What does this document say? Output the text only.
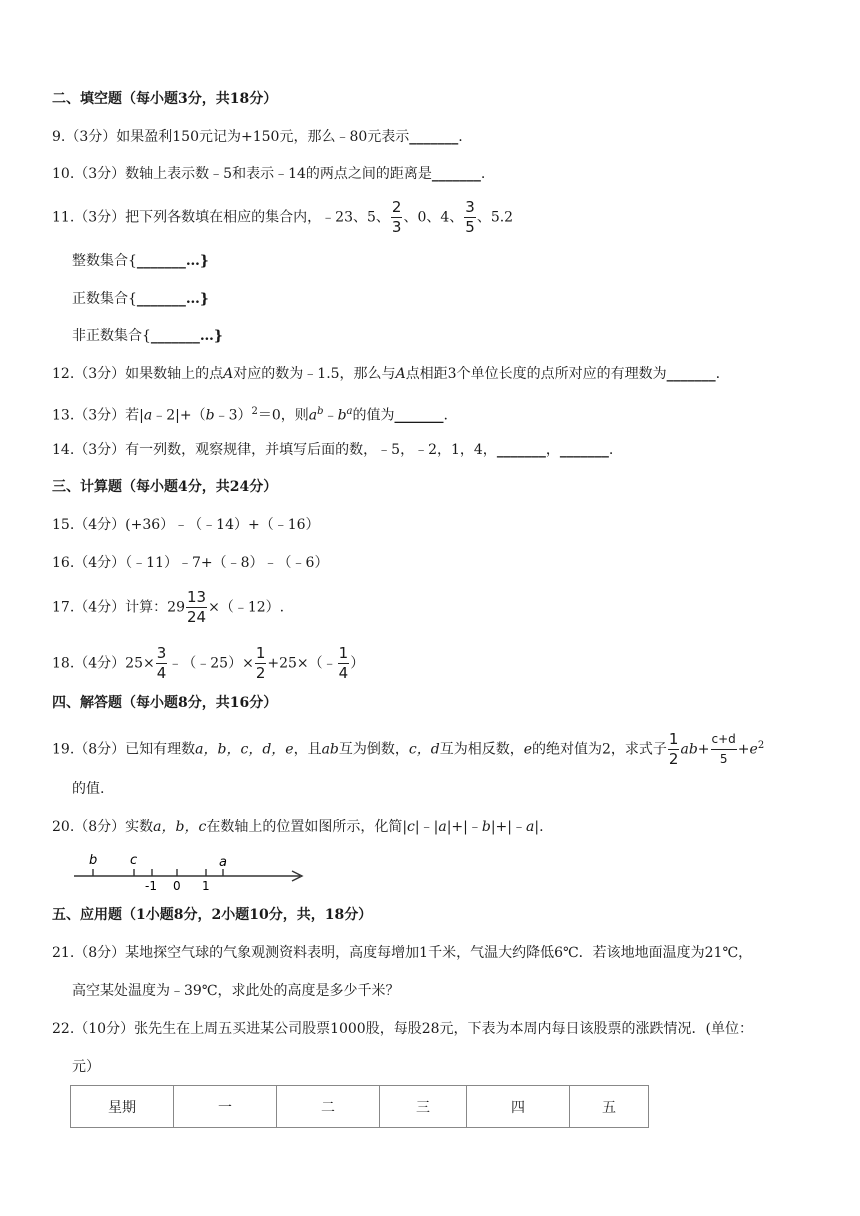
二、填空题（每小题3分，共18分）
9.（3分）如果盈利150元记为+150元，那么﹣80元表示_______.
10.（3分）数轴上表示数﹣5和表示﹣14的两点之间的距离是_______.
11.（3分）把下列各数填在相应的集合内，﹣23、5、 $\frac{2}{3}$ 、0、4、 $\frac{3}{5}$ 、5.2
整数集合{_______…}
正数集合{_______…}
非正数集合{_______…}
12.（3分）如果数轴上的点A对应的数为﹣1.5，那么与A点相距3个单位长度的点所对应的有理数为_______.
13.（3分）若|a﹣2|+（b﹣3）$^2$＝0，则$a^b﹣b^a$的值为_______.
14.（3分）有一列数，观察规律，并填写后面的数，﹣5，﹣2，1，4，_______，_______.
三、计算题（每小题4分，共24分）
15.（4分）(+36）﹣（﹣14）+（﹣16）
16.（4分）（﹣11）﹣7+（﹣8）﹣（﹣6）
17.（4分）计算：$29 \frac{13}{24}$ ×（﹣12）.
18.（4分）$25\times \frac{3}{4}$ ﹣（﹣25）× $\frac{1}{2}$ +25×（﹣ $\frac{1}{4}$ ）
四、解答题（每小题8分，共16分）
19.（8分）已知有理数a，b，c，d，e，且ab互为倒数，c，d互为相反数，e的绝对值为2，求式子 $\frac{1}{2} ab+ \frac{c+d}{5} +e^2$
的值.
20.（8分）实数a，b，c在数轴上的位置如图所示，化简|c|﹣|a|+|﹣b|+|﹣a|.
b	c	a
-1 0 1
五、应用题（1小题8分，2小题10分，共，18分）
21.（8分）某地探空气球的气象观测资料表明，高度每增加1千米，气温大约降低6℃．若该地地面温度为21℃，
高空某处温度为﹣39℃，求此处的高度是多少千米？
22.（10分）张先生在上周五买进某公司股票1000股，每股28元，下表为本周内每日该股票的涨跌情况．(单位：
元）
星期	一	二	三	四	五
